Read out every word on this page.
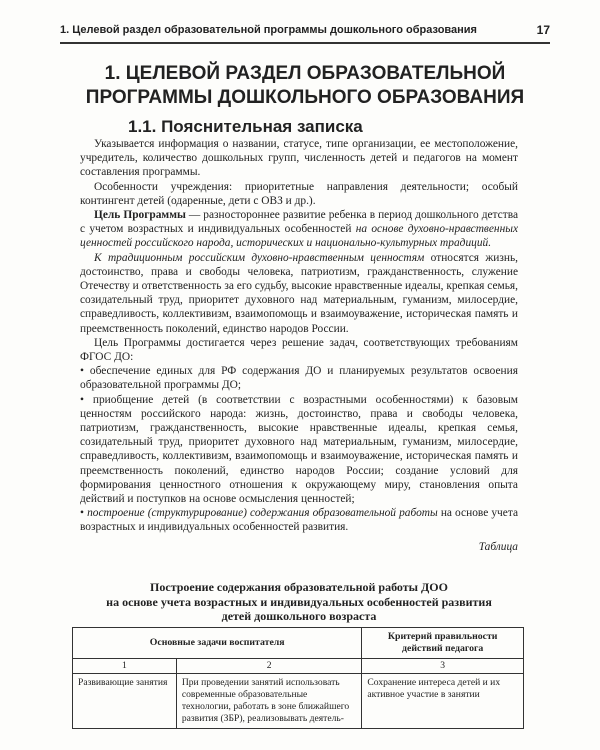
1. Целевой раздел образовательной программы дошкольного образования	17
1. ЦЕЛЕВОЙ РАЗДЕЛ ОБРАЗОВАТЕЛЬНОЙ
ПРОГРАММЫ ДОШКОЛЬНОГО ОБРАЗОВАНИЯ
1.1. Пояснительная записка

Указывается информация о названии, статусе, типе организации, ее местоположение, учредитель, количество дошкольных групп, численность детей и педагогов на момент составления программы.

Особенности учреждения: приоритетные направления деятельности; особый контингент детей (одаренные, дети с ОВЗ и др.).

Цель Программы — разностороннее развитие ребенка в период дошкольного детства с учетом возрастных и индивидуальных особенностей на основе духовно-нравственных ценностей российского народа, исторических и национально-культурных традиций.

К традиционным российским духовно-нравственным ценностям относятся жизнь, достоинство, права и свободы человека, патриотизм, гражданственность, служение Отечеству и ответственность за его судьбу, высокие нравственные идеалы, крепкая семья, созидательный труд, приоритет духовного над материальным, гуманизм, милосердие, справедливость, коллективизм, взаимопомощь и взаимоуважение, историческая память и преемственность поколений, единство народов России.

Цель Программы достигается через решение задач, соответствующих требованиям ФГОС ДО:

• обеспечение единых для РФ содержания ДО и планируемых результатов освоения образовательной программы ДО;

• приобщение детей (в соответствии с возрастными особенностями) к базовым ценностям российского народа: жизнь, достоинство, права и свободы человека, патриотизм, гражданственность, высокие нравственные идеалы, крепкая семья, созидательный труд, приоритет духовного над материальным, гуманизм, милосердие, справедливость, коллективизм, взаимопомощь и взаимоуважение, историческая память и преемственность поколений, единство народов России; создание условий для формирования ценностного отношения к окружающему миру, становления опыта действий и поступков на основе осмысления ценностей;

• построение (структурирование) содержания образовательной работы на основе учета возрастных и индивидуальных особенностей развития.

Таблица

Построение содержания образовательной работы ДОО
на основе учета возрастных и индивидуальных особенностей развития
детей дошкольного возраста
Основные задачи воспитателя		Критерий правильности действий педагога
1	2	3
Развивающие занятия	При проведении занятий использовать современные образовательные технологии, работать в зоне ближайшего развития (ЗБР), реализовывать деятель-	Сохранение интереса детей и их активное участие в занятии
